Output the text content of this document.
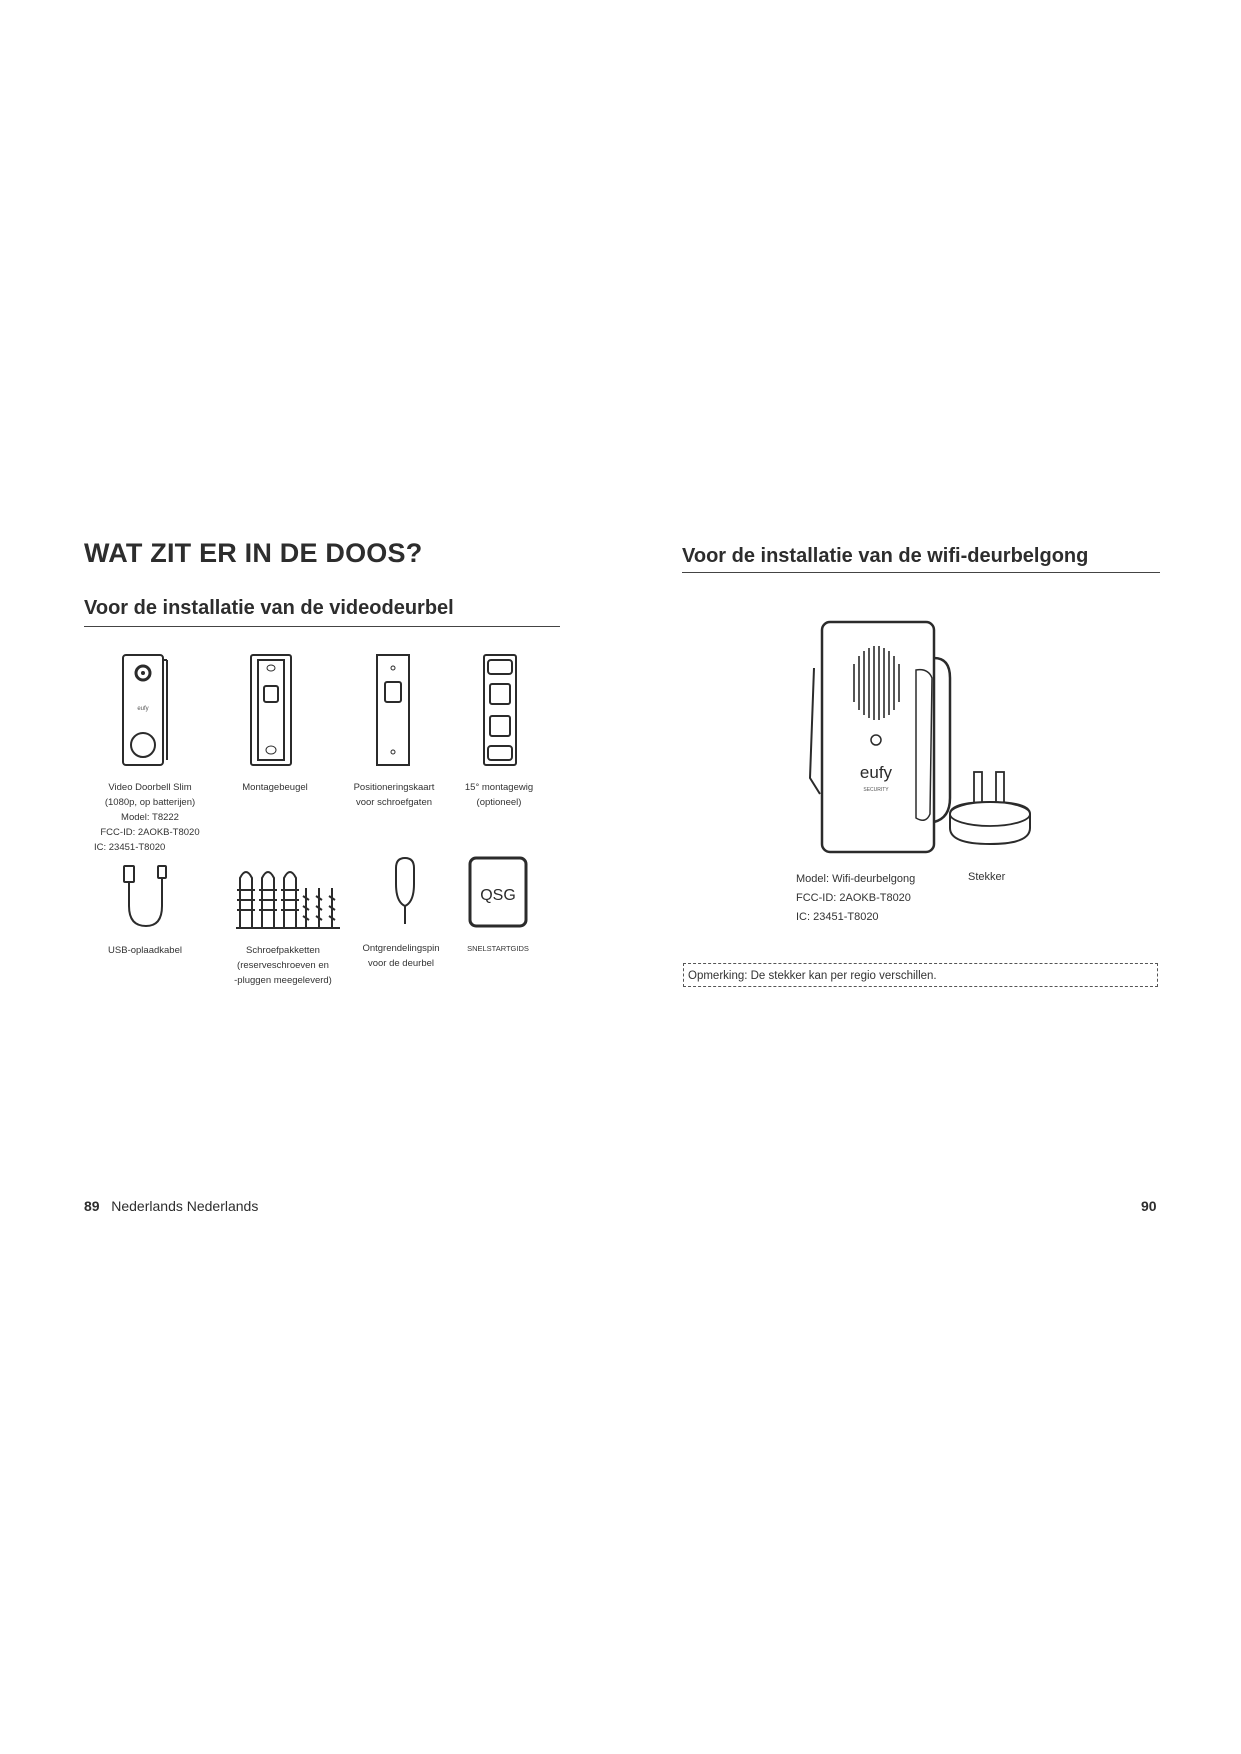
WAT ZIT ER IN DE DOOS?
Voor de installatie van de videodeurbel
eufy
Video Doorbell Slim
(1080p, op batterijen)
Model: T8222
FCC-ID: 2AOKB-T8020
IC: 23451-T8020
Montagebeugel	Positioneringskaart
voor schroefgaten
15° montagewig
(optioneel)
QSG
USB-oplaadkabel	Schroefpakketten
(reserveschroeven en
-pluggen meegeleverd)
Ontgrendelingspin
voor de deurbel
SNELSTARTGIDS
89 Nederlands Nederlands
Voor de installatie van de wifi-deurbelgong
eufy
SECURITY
Model: Wifi-deurbelgong
FCC-ID: 2AOKB-T8020
IC: 23451-T8020
Stekker
Opmerking: De stekker kan per regio verschillen.
90
